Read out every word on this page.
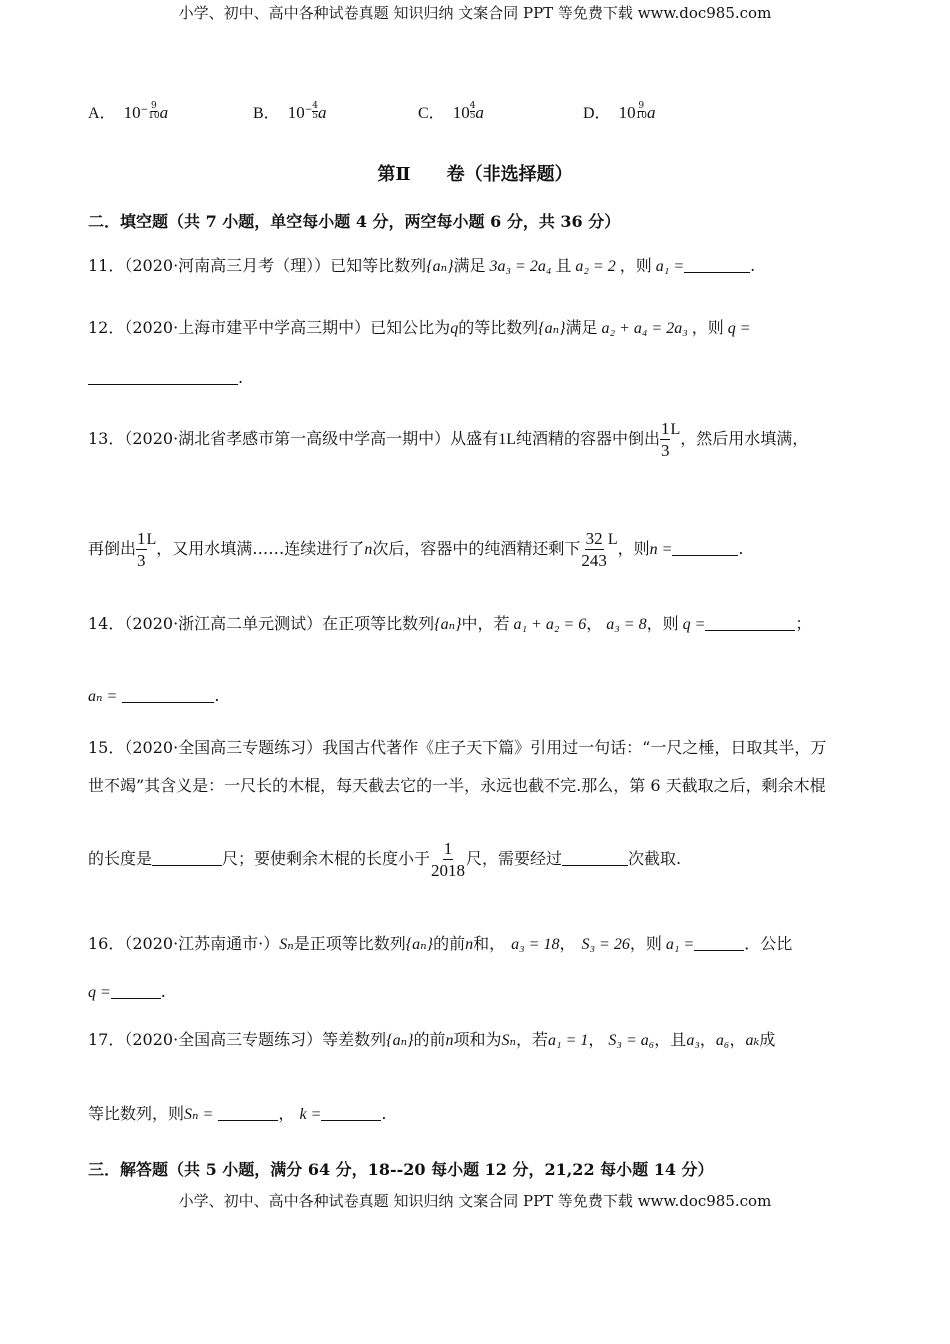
小学、初中、高中各种试卷真题 知识归纳 文案合同 PPT 等免费下载 www.doc985.com
A． $10^{- \frac{9}{10}}$ a	B． $10^{- \frac{4}{5}}$ a	C． 10 $^{\frac{4}{5}}$ a	D． 10 $^{\frac{9}{10}}$ a
第Ⅱ　　卷（非选择题）
二．填空题（共 7 小题，单空每小题 4 分，两空每小题 6 分，共 36 分）
11．（2020·河南高三月考（理））已知等比数列{aₙ}满足 3a₃ = 2a₄ 且 a₂ = 2 ，则 a₁ =	.
12．（2020·上海市建平中学高三期中）已知公比为q的等比数列{aₙ}满足 a₂ + a₄ = 2a₃ ，则 q =
.
13．（2020·湖北省孝感市第一高级中学高一期中）从盛有1L纯酒精的容器中倒出 $\frac{1}{3}$ L，然后用水填满，
再倒出 $\frac{1}{3}$ L，又用水填满……连续进行了n次后，容器中的纯酒精还剩下 $\frac{32}{243}$ L，则n =	.
14．（2020·浙江高二单元测试）在正项等比数列{aₙ}中，若 a₁ + a₂ = 6， a₃ = 8，则 q =	；
aₙ =	.
15．（2020·全国高三专题练习）我国古代著作《庄子天下篇》引用过一句话：“一尺之棰，日取其半，万
世不竭”其含义是：一尺长的木棍，每天截去它的一半，永远也截不完.那么，第 6 天截取之后，剩余木棍
的长度是	尺；要使剩余木棍的长度小于 $\frac{1}{2018}$ 尺，需要经过	次截取.
16．（2020·江苏南通市·）Sₙ是正项等比数列{aₙ}的前n和， a₃ = 18， S₃ = 26，则 a₁ =	．公比
q =	.
17．（2020·全国高三专题练习）等差数列{aₙ}的前n项和为Sₙ，若a₁ = 1， S₃ = a₆，且a₃，a₆，aₖ成
等比数列，则Sₙ =	， k =	.
三．解答题（共 5 小题，满分 64 分，18--20 每小题 12 分，21,22 每小题 14 分）
小学、初中、高中各种试卷真题 知识归纳 文案合同 PPT 等免费下载 www.doc985.com
